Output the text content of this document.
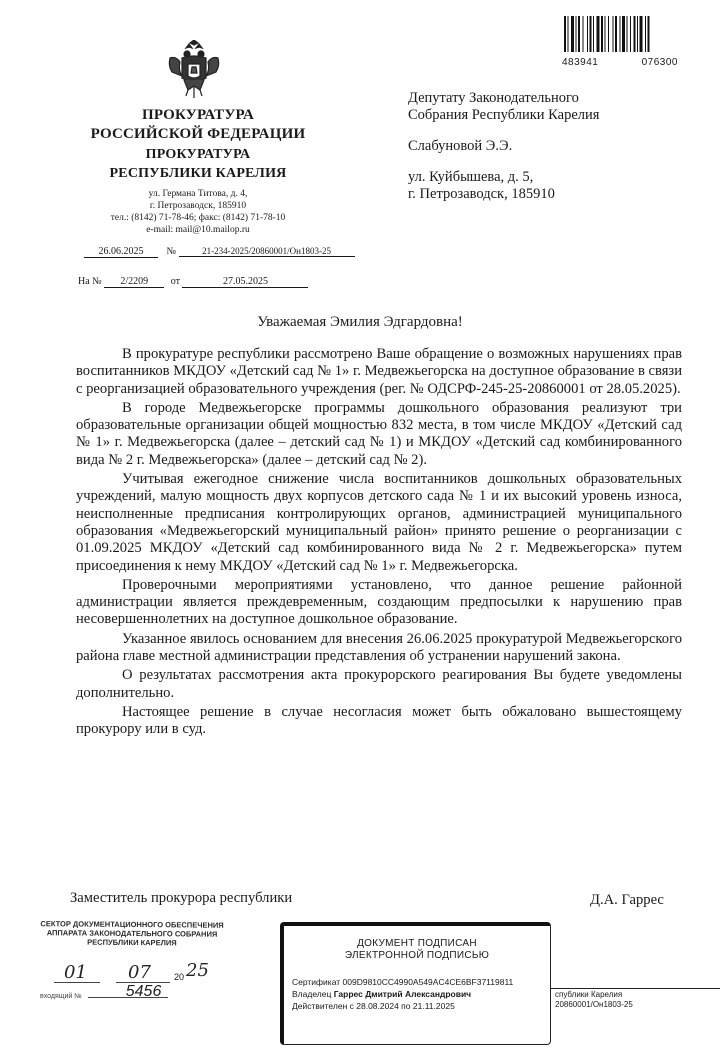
483941	076300
ПРОКУРАТУРА
РОССИЙСКОЙ ФЕДЕРАЦИИ
ПРОКУРАТУРА
РЕСПУБЛИКИ КАРЕЛИЯ
ул. Германа Титова, д. 4,
г. Петрозаводск, 185910
тел.: (8142) 71-78-46; факс: (8142) 71-78-10
e-mail: mail@10.mailop.ru
26.06.2025 №	21-234-2025/20860001/Он1803-25
На № 2/2209 от	27.05.2025

Депутату Законодательного

Собрания Республики Карелия

Слабуновой Э.Э.

ул. Куйбышева, д. 5,

г. Петрозаводск, 185910

Уважаемая Эмилия Эдгардовна!

В прокуратуре республики рассмотрено Ваше обращение о возможных нарушениях прав воспитанников МКДОУ «Детский сад № 1» г. Медвежьегорска на доступное образование в связи с реорганизацией образовательного учреждения (рег. № ОДСРФ-245-25-20860001 от 28.05.2025).

В городе Медвежьегорске программы дошкольного образования реализуют три образовательные организации общей мощностью 832 места, в том числе МКДОУ «Детский сад № 1» г. Медвежьегорска (далее – детский сад № 1) и МКДОУ «Детский сад комбинированного вида № 2 г. Медвежьегорска» (далее – детский сад № 2).

Учитывая ежегодное снижение числа воспитанников дошкольных образовательных учреждений, малую мощность двух корпусов детского сада № 1 и их высокий уровень износа, неисполненные предписания контролирующих органов, администрацией муниципального образования «Медвежьегорский муниципальный район» принято решение о реорганизации с 01.09.2025 МКДОУ «Детский сад комбинированного вида № 2 г. Медвежьегорска» путем присоединения к нему МКДОУ «Детский сад № 1» г. Медвежьегорска.

Проверочными мероприятиями установлено, что данное решение районной администрации является преждевременным, создающим предпосылки к нарушению прав несовершеннолетних на доступное дошкольное образование.

Указанное явилось основанием для внесения 26.06.2025 прокуратурой Медвежьегорского района главе местной администрации представления об устранении нарушений закона.

О результатах рассмотрения акта прокурорского реагирования Вы будете уведомлены дополнительно.

Настоящее решение в случае несогласия может быть обжаловано вышестоящему прокурору или в суд.

Заместитель прокурора республики	Д.А. Гаррес
СЕКТОР ДОКУМЕНТАЦИОННОГО ОБЕСПЕЧЕНИЯ
АППАРАТА ЗАКОНОДАТЕЛЬНОГО СОБРАНИЯ
РЕСПУБЛИКИ КАРЕЛИЯ
01 07	20 25
входящий №	5456
ДОКУМЕНТ ПОДПИСАН
ЭЛЕКТРОННОЙ ПОДПИСЬЮ
Сертификат 009D9810CC4990A549AC4CE6BF37119811
Владелец Гаррес Дмитрий Александрович
Действителен с 28.08.2024 по 21.11.2025
спублики Карелия
20860001/Он1803-25
